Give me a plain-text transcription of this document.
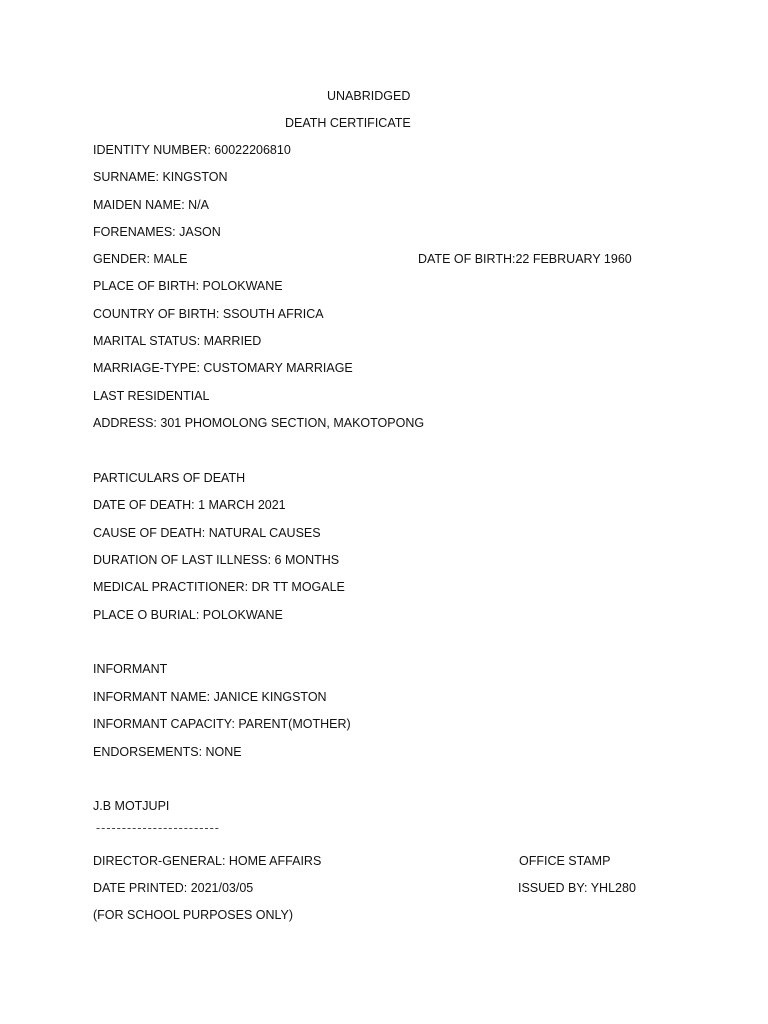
UNABRIDGED
DEATH CERTIFICATE
IDENTITY NUMBER: 60022206810
SURNAME: KINGSTON
MAIDEN NAME: N/A
FORENAMES: JASON
GENDER: MALE	DATE OF BIRTH:22 FEBRUARY 1960
PLACE OF BIRTH: POLOKWANE
COUNTRY OF BIRTH: SSOUTH AFRICA
MARITAL STATUS: MARRIED
MARRIAGE-TYPE: CUSTOMARY MARRIAGE
LAST RESIDENTIAL
ADDRESS: 301 PHOMOLONG SECTION, MAKOTOPONG
PARTICULARS OF DEATH
DATE OF DEATH: 1 MARCH 2021
CAUSE OF DEATH: NATURAL CAUSES
DURATION OF LAST ILLNESS: 6 MONTHS
MEDICAL PRACTITIONER: DR TT MOGALE
PLACE O BURIAL: POLOKWANE
INFORMANT
INFORMANT NAME: JANICE KINGSTON
INFORMANT CAPACITY: PARENT(MOTHER)
ENDORSEMENTS: NONE
J.B MOTJUPI
------------------------
DIRECTOR-GENERAL: HOME AFFAIRS	OFFICE STAMP
DATE PRINTED: 2021/03/05	ISSUED BY: YHL280
(FOR SCHOOL PURPOSES ONLY)
